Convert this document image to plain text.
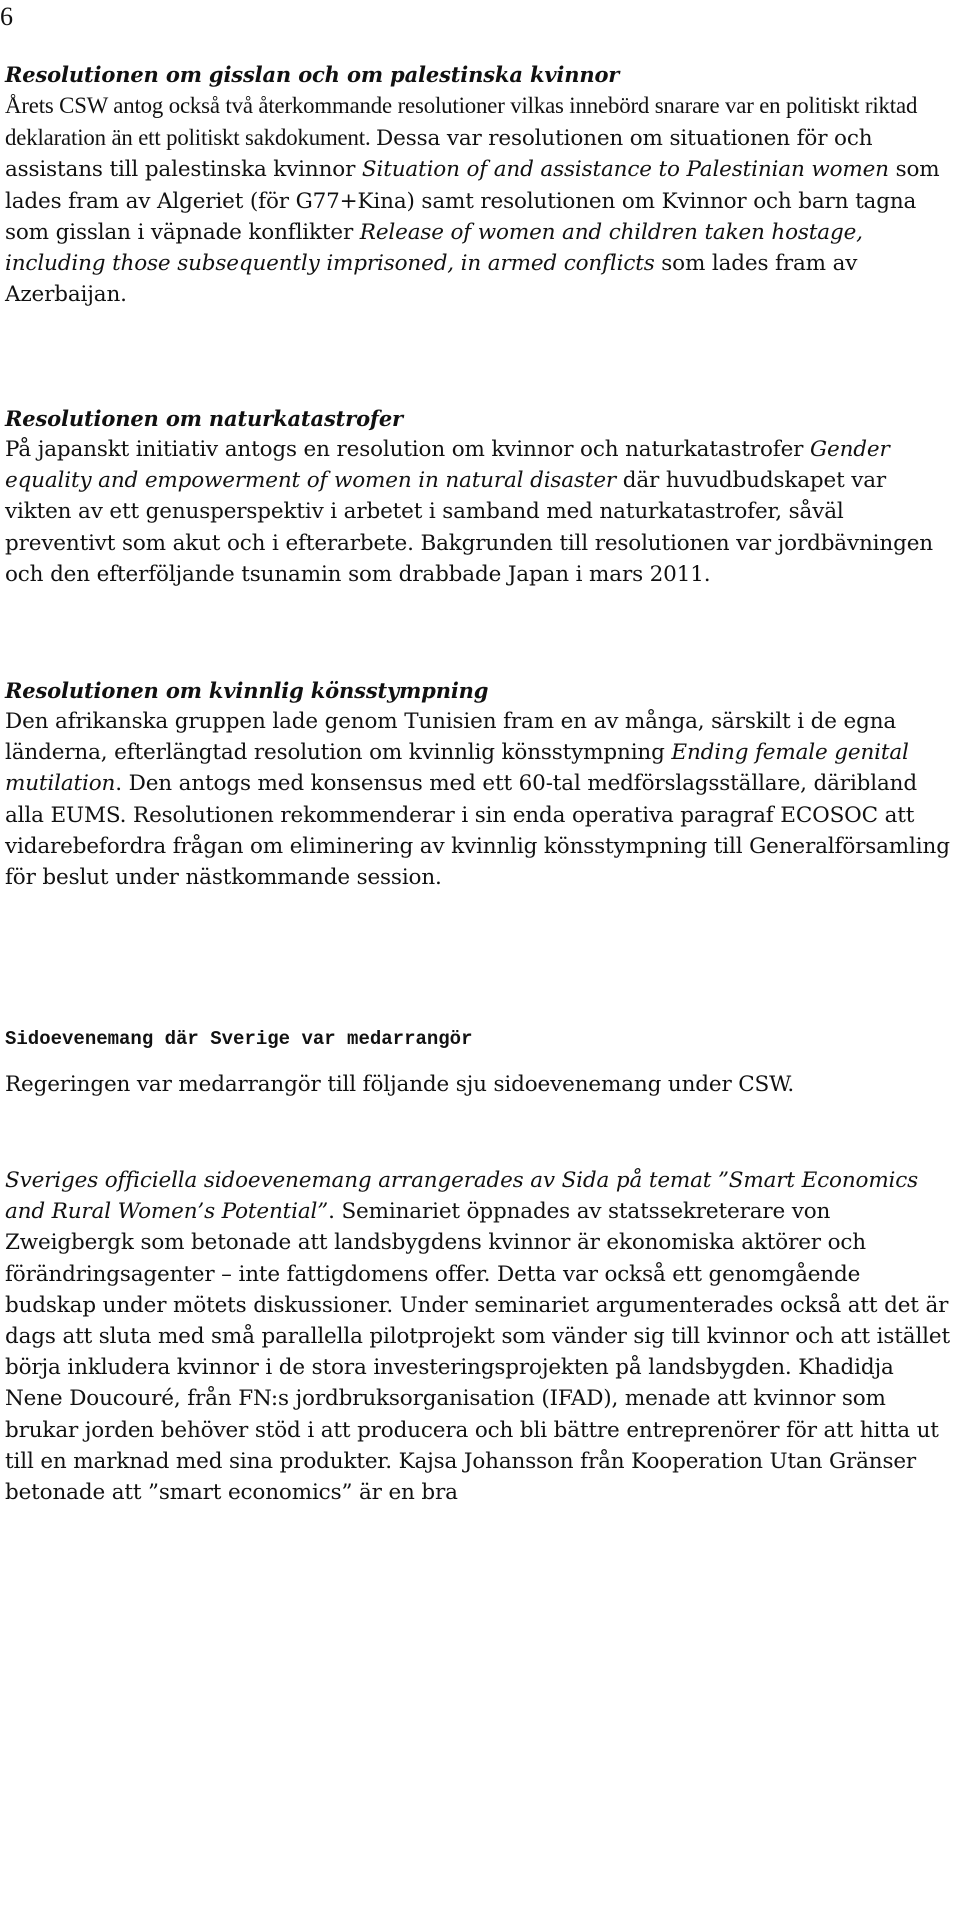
6

Resolutionen om gisslan och om palestinska kvinnor

Årets CSW antog också två återkommande resolutioner vilkas innebörd snarare var en politiskt riktad deklaration än ett politiskt sakdokument. Dessa var resolutionen om situationen för och assistans till palestinska kvinnor Situation of and assistance to Palestinian women som lades fram av Algeriet (för G77+Kina) samt resolutionen om Kvinnor och barn tagna som gisslan i väpnade konflikter Release of women and children taken hostage, including those subsequently imprisoned, in armed conflicts som lades fram av Azerbaijan.

Resolutionen om naturkatastrofer

På japanskt initiativ antogs en resolution om kvinnor och naturkatastrofer Gender equality and empowerment of women in natural disaster där huvudbudskapet var vikten av ett genusperspektiv i arbetet i samband med naturkatastrofer, såväl preventivt som akut och i efterarbete. Bakgrunden till resolutionen var jordbävningen och den efterföljande tsunamin som drabbade Japan i mars 2011.

Resolutionen om kvinnlig könsstympning

Den afrikanska gruppen lade genom Tunisien fram en av många, särskilt i de egna länderna, efterlängtad resolution om kvinnlig könsstympning Ending female genital mutilation. Den antogs med konsensus med ett 60-tal medförslagsställare, däribland alla EUMS. Resolutionen rekommenderar i sin enda operativa paragraf ECOSOC att vidarebefordra frågan om eliminering av kvinnlig könsstympning till Generalförsamling för beslut under nästkommande session.

Sidoevenemang där Sverige var medarrangör

Regeringen var medarrangör till följande sju sidoevenemang under CSW.

Sveriges officiella sidoevenemang arrangerades av Sida på temat ”Smart Economics and Rural Women’s Potential”. Seminariet öppnades av statssekreterare von Zweigbergk som betonade att landsbygdens kvinnor är ekonomiska aktörer och förändringsagenter – inte fattigdomens offer. Detta var också ett genomgående budskap under mötets diskussioner. Under seminariet argumenterades också att det är dags att sluta med små parallella pilotprojekt som vänder sig till kvinnor och att istället börja inkludera kvinnor i de stora investeringsprojekten på landsbygden. Khadidja Nene Doucouré, från FN:s jordbruksorganisation (IFAD), menade att kvinnor som brukar jorden behöver stöd i att producera och bli bättre entreprenörer för att hitta ut till en marknad med sina produkter. Kajsa Johansson från Kooperation Utan Gränser betonade att ”smart economics” är en bra
